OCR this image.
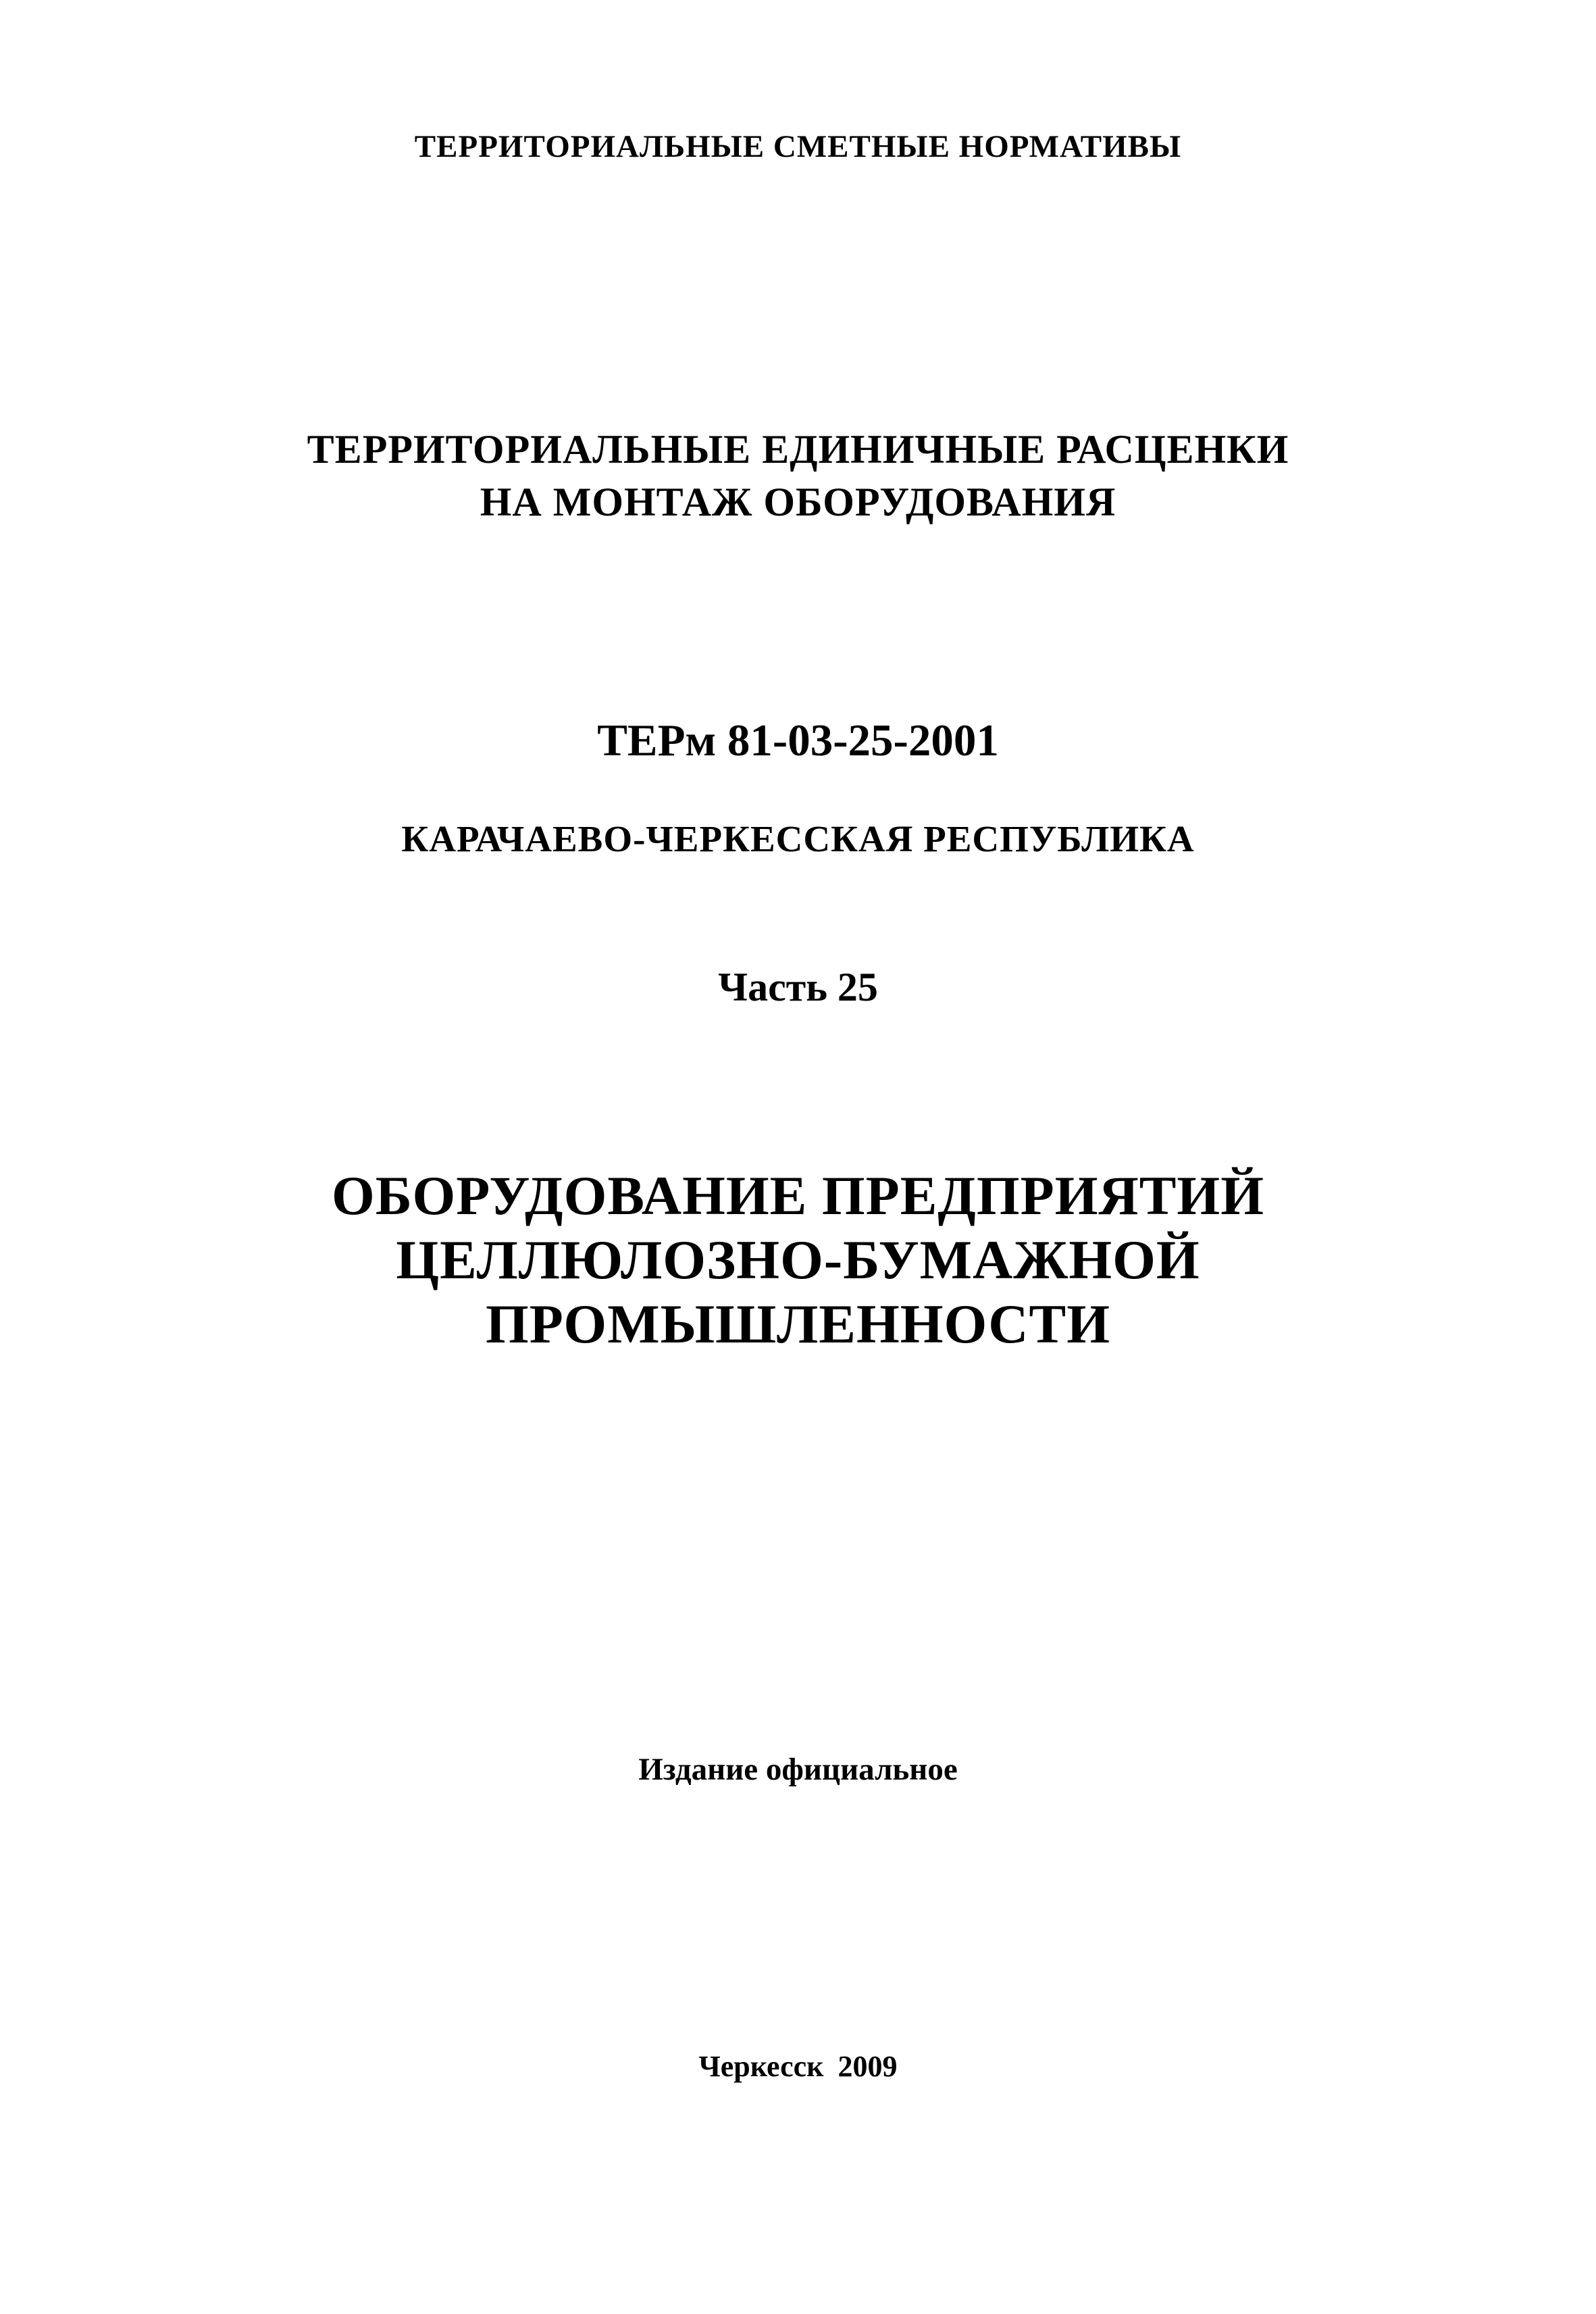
ТЕРРИТОРИАЛЬНЫЕ СМЕТНЫЕ НОРМАТИВЫ
ТЕРРИТОРИАЛЬНЫЕ ЕДИНИЧНЫЕ РАСЦЕНКИ
НА МОНТАЖ ОБОРУДОВАНИЯ
ТЕРм 81-03-25-2001
КАРАЧАЕВО-ЧЕРКЕССКАЯ РЕСПУБЛИКА
Часть 25
ОБОРУДОВАНИЕ ПРЕДПРИЯТИЙ
ЦЕЛЛЮЛОЗНО-БУМАЖНОЙ
ПРОМЫШЛЕННОСТИ
Издание официальное
Черкесск 2009
